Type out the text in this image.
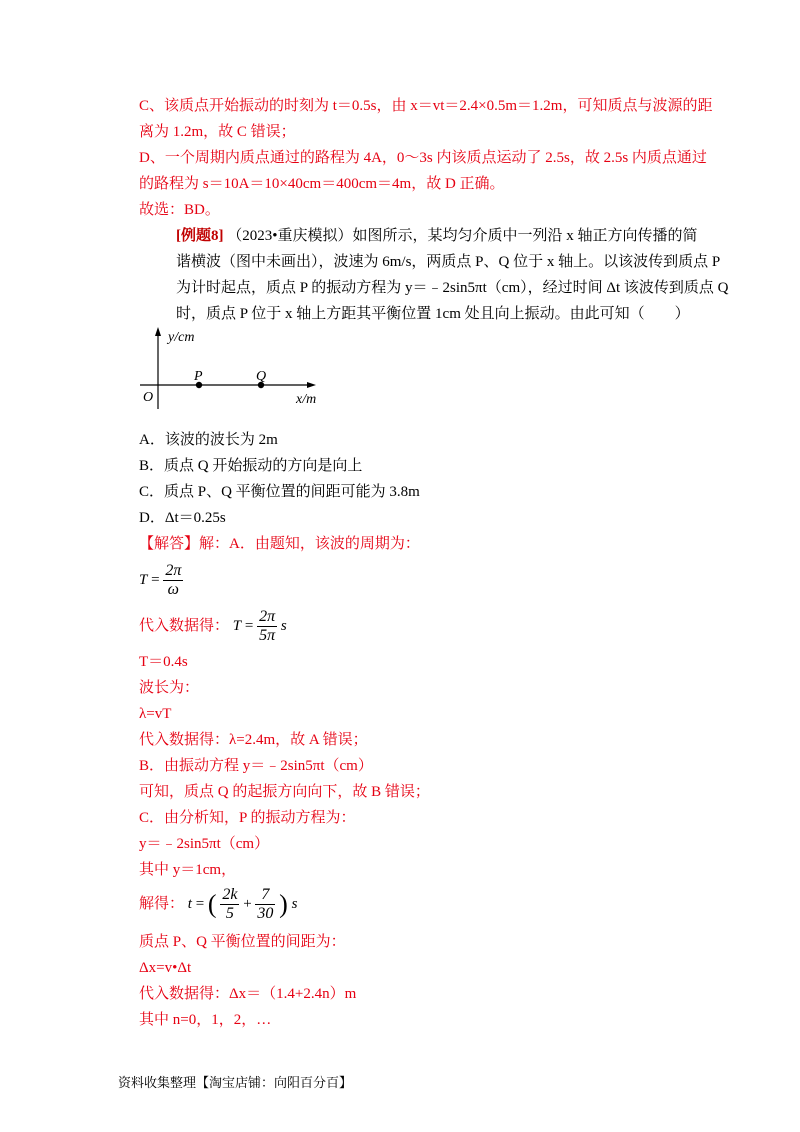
C、该质点开始振动的时刻为 t＝0.5s，由 x＝vt＝2.4×0.5m＝1.2m，可知质点与波源的距
离为 1.2m，故 C 错误；
D、一个周期内质点通过的路程为 4A，0～3s 内该质点运动了 2.5s，故 2.5s 内质点通过
的路程为 s＝10A＝10×40cm＝400cm＝4m，故 D 正确。
故选：BD。
[例题8] （2023•重庆模拟）如图所示，某均匀介质中一列沿 x 轴正方向传播的简
谐横波（图中未画出），波速为 6m/s，两质点 P、Q 位于 x 轴上。以该波传到质点 P
为计时起点，质点 P 的振动方程为 y＝﹣2sin5πt（cm），经过时间 Δt 该波传到质点 Q
时，质点 P 位于 x 轴上方距其平衡位置 1cm 处且向上振动。由此可知（　　）
y/cm
O
P	Q
x/m
A．该波的波长为 2m
B．质点 Q 开始振动的方向是向上
C．质点 P、Q 平衡位置的间距可能为 3.8m
D．Δt＝0.25s
【解答】解：A．由题知，该波的周期为：
$T = \frac{2\pi}{\omega}$
代入数据得： $T = \frac{2\pi}{5\pi}$ s
T＝0.4s
波长为：
λ=vT
代入数据得：λ=2.4m，故 A 错误；
B．由振动方程 y＝﹣2sin5πt（cm）
可知，质点 Q 的起振方向向下，故 B 错误；
C．由分析知，P 的振动方程为：
y＝﹣2sin5πt（cm）
其中 y＝1cm，
解得： t = ( $\frac{2k}{5} + \frac{7}{30}$ ) s
质点 P、Q 平衡位置的间距为：
Δx=v•Δt
代入数据得：Δx＝（1.4+2.4n）m
其中 n=0，1，2，…
资料收集整理【淘宝店铺：向阳百分百】
